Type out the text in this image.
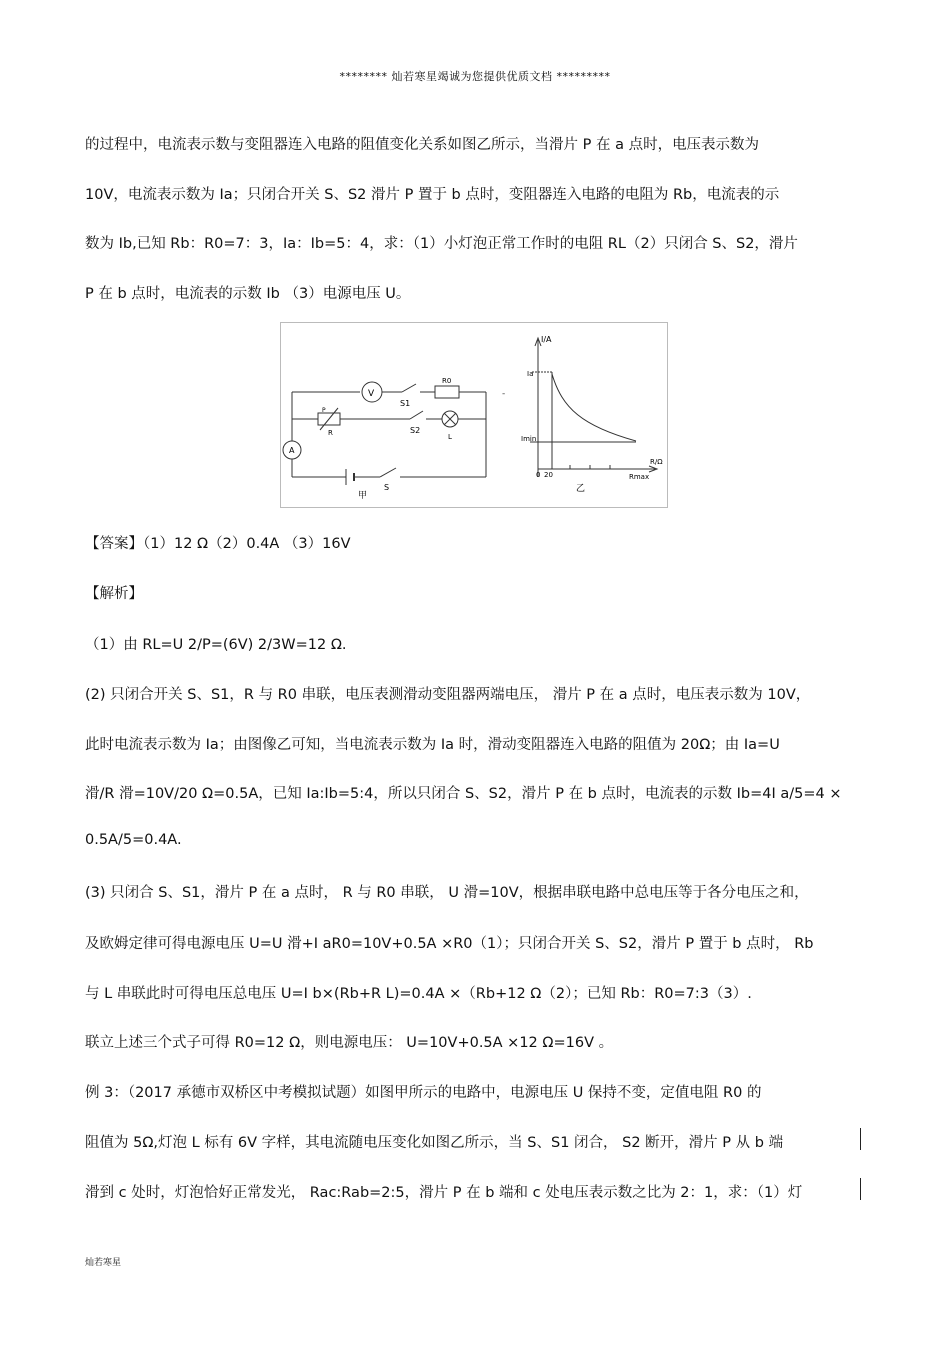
******** 灿若寒星竭诚为您提供优质文档 *********
的过程中，电流表示数与变阻器连入电路的阻值变化关系如图乙所示，当滑片 P 在 a 点时，电压表示数为
10V，电流表示数为 Ia；只闭合开关 S、S2 滑片 P 置于 b 点时，变阻器连入电路的电阻为 Rb，电流表的示
数为 Ib,已知 Rb：R0=7：3，Ia：Ib=5：4，求：（1）小灯泡正常工作时的电阻 RL（2）只闭合 S、S2，滑片
P 在 b 点时，电流表的示数 Ib （3）电源电压 U。
V
A
S1
S2
S
R0
R
P
L
甲
-
I/A
R/Ω
Ia
Imin
0 20	Rmax
乙
【答案】（1）12 Ω（2）0.4A （3）16V
【解析】
（1）由 RL=U 2/P=(6V) 2/3W=12 Ω.
(2) 只闭合开关 S、S1，R 与 R0 串联，电压表测滑动变阻器两端电压， 滑片 P 在 a 点时，电压表示数为 10V，
此时电流表示数为 Ia；由图像乙可知，当电流表示数为 Ia 时，滑动变阻器连入电路的阻值为 20Ω；由 Ia=U
滑/R 滑=10V/20 Ω=0.5A，已知 Ia:Ib=5:4，所以只闭合 S、S2，滑片 P 在 b 点时，电流表的示数 Ib=4I a/5=4 ×
0.5A/5=0.4A.
(3) 只闭合 S、S1，滑片 P 在 a 点时， R 与 R0 串联， U 滑=10V，根据串联电路中总电压等于各分电压之和，
及欧姆定律可得电源电压 U=U 滑+I aR0=10V+0.5A ×R0（1）；只闭合开关 S、S2，滑片 P 置于 b 点时， Rb
与 L 串联此时可得电压总电压 U=I b×(Rb+R L)=0.4A ×（Rb+12 Ω（2）；已知 Rb：R0=7:3（3）.
联立上述三个式子可得 R0=12 Ω，则电源电压： U=10V+0.5A ×12 Ω=16V 。
例 3：（2017 承德市双桥区中考模拟试题）如图甲所示的电路中，电源电压 U 保持不变，定值电阻 R0 的
阻值为 5Ω,灯泡 L 标有 6V 字样，其电流随电压变化如图乙所示，当 S、S1 闭合， S2 断开，滑片 P 从 b 端
滑到 c 处时，灯泡恰好正常发光， Rac:Rab=2:5，滑片 P 在 b 端和 c 处电压表示数之比为 2：1，求：（1）灯
灿若寒星
